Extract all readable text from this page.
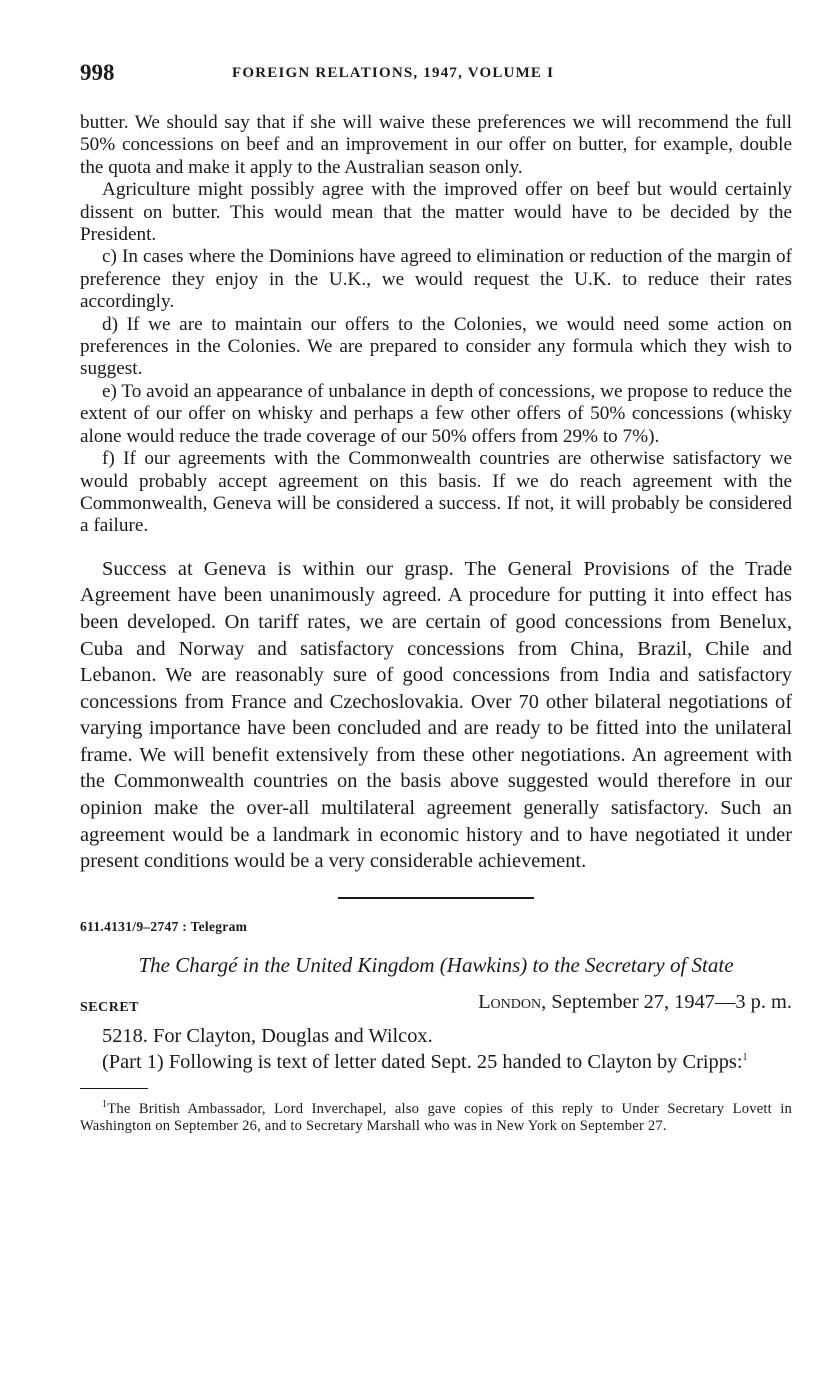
998	FOREIGN RELATIONS, 1947, VOLUME I

butter. We should say that if she will waive these preferences we will recommend the full 50% concessions on beef and an improvement in our offer on butter, for example, double the quota and make it apply to the Australian season only.

Agriculture might possibly agree with the improved offer on beef but would certainly dissent on butter. This would mean that the matter would have to be decided by the President.

c) In cases where the Dominions have agreed to elimination or reduction of the margin of preference they enjoy in the U.K., we would request the U.K. to reduce their rates accordingly.

d) If we are to maintain our offers to the Colonies, we would need some action on preferences in the Colonies. We are prepared to consider any formula which they wish to suggest.

e) To avoid an appearance of unbalance in depth of concessions, we propose to reduce the extent of our offer on whisky and perhaps a few other offers of 50% concessions (whisky alone would reduce the trade coverage of our 50% offers from 29% to 7%).

f) If our agreements with the Commonwealth countries are otherwise satisfactory we would probably accept agreement on this basis. If we do reach agreement with the Commonwealth, Geneva will be considered a success. If not, it will probably be considered a failure.

Success at Geneva is within our grasp. The General Provisions of the Trade Agreement have been unanimously agreed. A procedure for putting it into effect has been developed. On tariff rates, we are certain of good concessions from Benelux, Cuba and Norway and satisfactory concessions from China, Brazil, Chile and Lebanon. We are reasonably sure of good concessions from India and satisfactory concessions from France and Czechoslovakia. Over 70 other bilateral negotiations of varying importance have been concluded and are ready to be fitted into the unilateral frame. We will benefit extensively from these other negotiations. An agreement with the Commonwealth countries on the basis above suggested would therefore in our opinion make the over-all multilateral agreement generally satisfactory. Such an agreement would be a landmark in economic history and to have negotiated it under present conditions would be a very considerable achievement.

611.4131/9–2747 : Telegram
The Chargé in the United Kingdom (Hawkins) to the Secretary of State
SECRET	London, September 27, 1947—3 p. m.

5218. For Clayton, Douglas and Wilcox.

(Part 1) Following is text of letter dated Sept. 25 handed to Clayton by Cripps:$^1$

$^1$The British Ambassador, Lord Inverchapel, also gave copies of this reply to Under Secretary Lovett in Washington on September 26, and to Secretary Marshall who was in New York on September 27.
